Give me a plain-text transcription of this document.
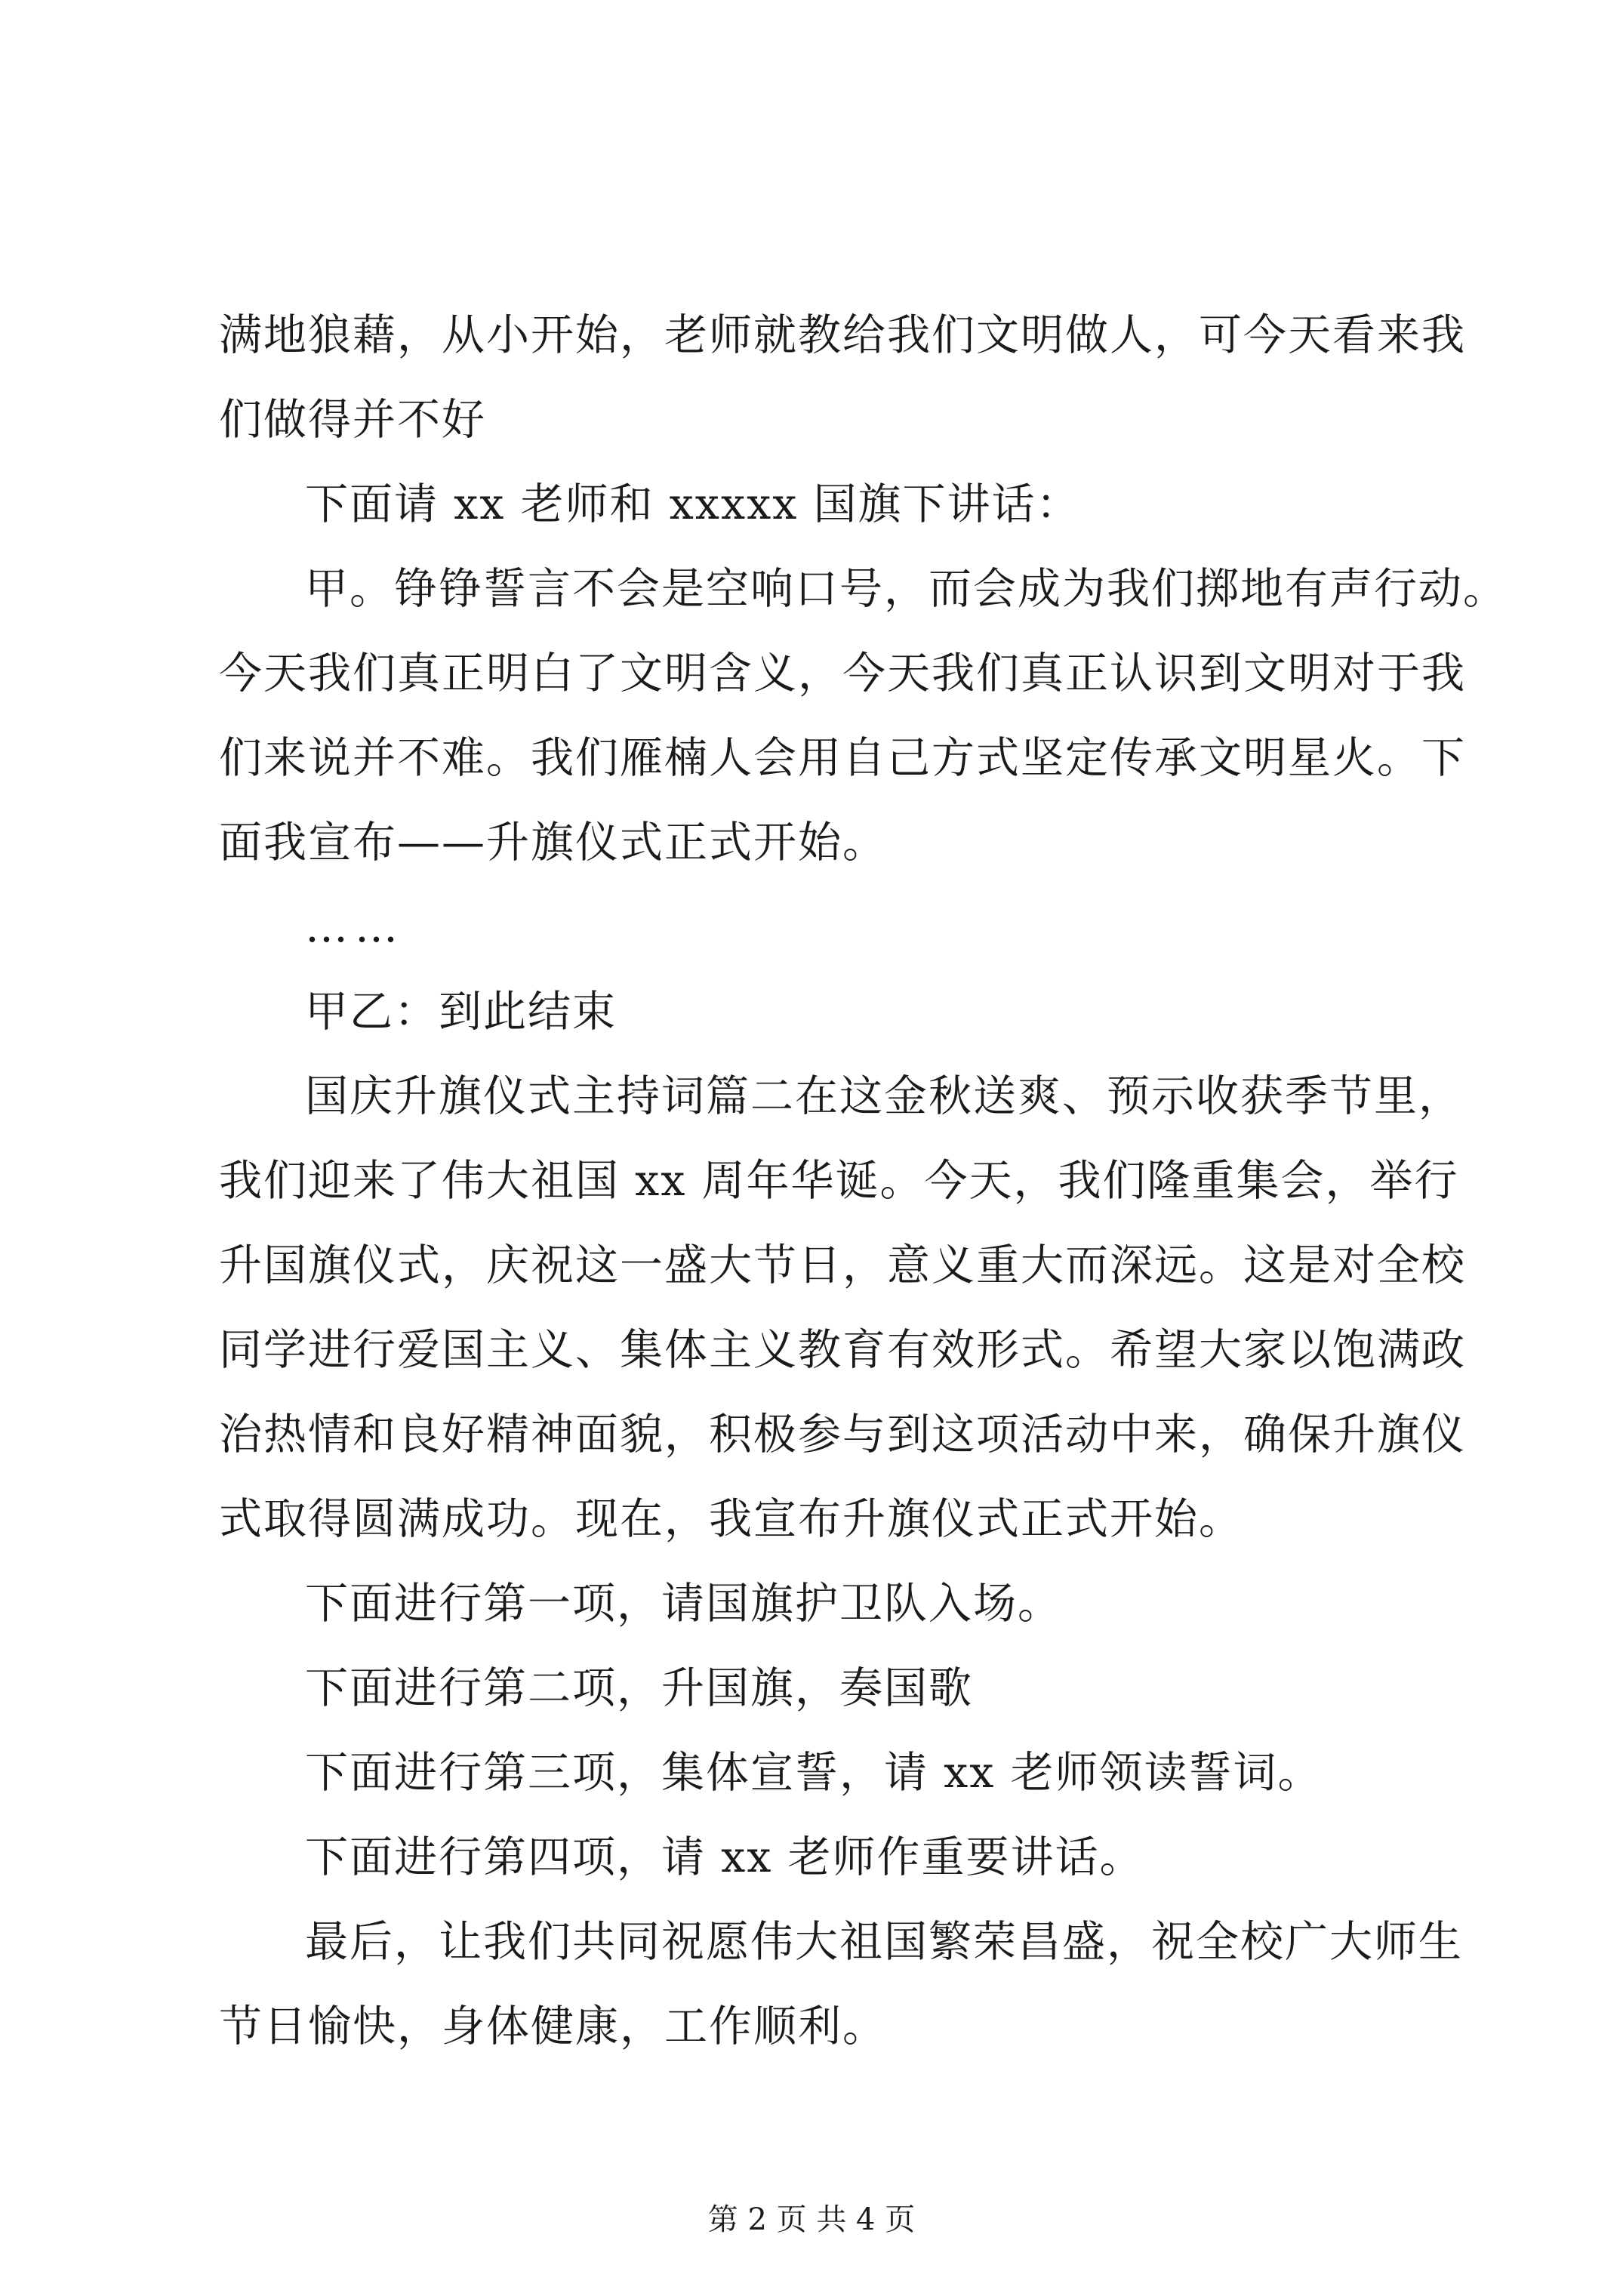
满地狼藉，从小开始，老师就教给我们文明做人，可今天看来我

们做得并不好

下面请 xx 老师和 xxxxx 国旗下讲话：

甲。铮铮誓言不会是空响口号，而会成为我们掷地有声行动。

今天我们真正明白了文明含义，今天我们真正认识到文明对于我

们来说并不难。我们雁楠人会用自己方式坚定传承文明星火。下

面我宣布——升旗仪式正式开始。

……

甲乙：到此结束

国庆升旗仪式主持词篇二在这金秋送爽、预示收获季节里，

我们迎来了伟大祖国 xx 周年华诞。今天，我们隆重集会，举行

升国旗仪式，庆祝这一盛大节日，意义重大而深远。这是对全校

同学进行爱国主义、集体主义教育有效形式。希望大家以饱满政

治热情和良好精神面貌，积极参与到这项活动中来，确保升旗仪

式取得圆满成功。现在，我宣布升旗仪式正式开始。

下面进行第一项，请国旗护卫队入场。

下面进行第二项，升国旗，奏国歌

下面进行第三项，集体宣誓，请 xx 老师领读誓词。

下面进行第四项，请 xx 老师作重要讲话。

最后，让我们共同祝愿伟大祖国繁荣昌盛，祝全校广大师生

节日愉快，身体健康，工作顺利。

第 2 页 共 4 页
